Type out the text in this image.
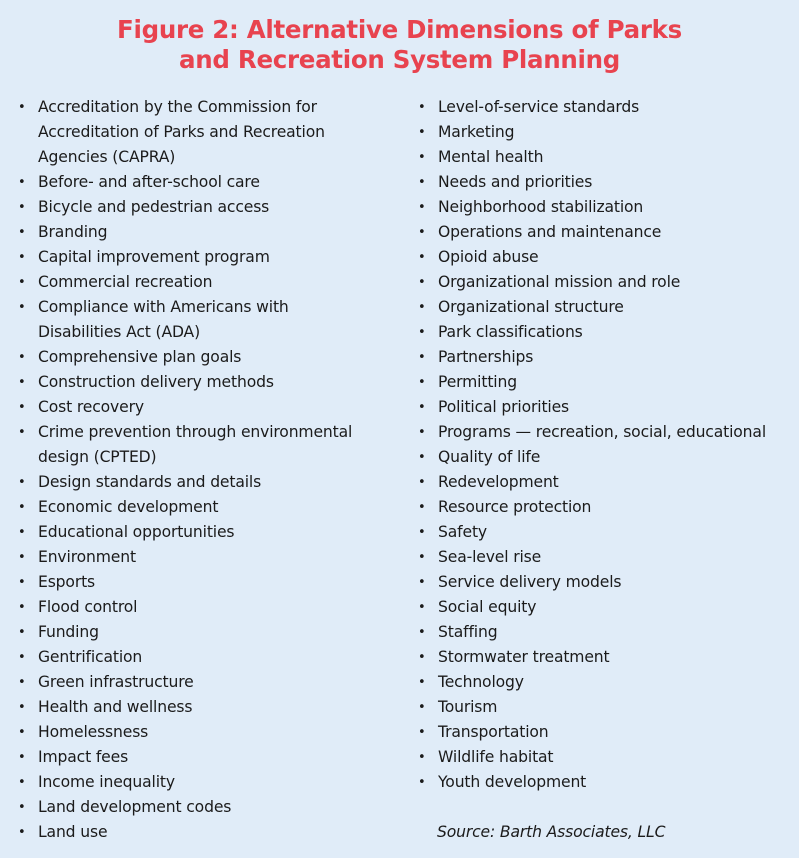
Figure 2: Alternative Dimensions of Parks
and Recreation System Planning
• Accreditation by the Commission for
Accreditation of Parks and Recreation
Agencies (CAPRA)
• Before- and after-school care
• Bicycle and pedestrian access
• Branding
• Capital improvement program
• Commercial recreation
• Compliance with Americans with
Disabilities Act (ADA)
• Comprehensive plan goals
• Construction delivery methods
• Cost recovery
• Crime prevention through environmental
design (CPTED)
• Design standards and details
• Economic development
• Educational opportunities
• Environment
• Esports
• Flood control
• Funding
• Gentrification
• Green infrastructure
• Health and wellness
• Homelessness
• Impact fees
• Income inequality
• Land development codes
• Land use
• Level-of-service standards
• Marketing
• Mental health
• Needs and priorities
• Neighborhood stabilization
• Operations and maintenance
• Opioid abuse
• Organizational mission and role
• Organizational structure
• Park classifications
• Partnerships
• Permitting
• Political priorities
• Programs — recreation, social, educational
• Quality of life
• Redevelopment
• Resource protection
• Safety
• Sea-level rise
• Service delivery models
• Social equity
• Staffing
• Stormwater treatment
• Technology
• Tourism
• Transportation
• Wildlife habitat
• Youth development
Source: Barth Associates, LLC
